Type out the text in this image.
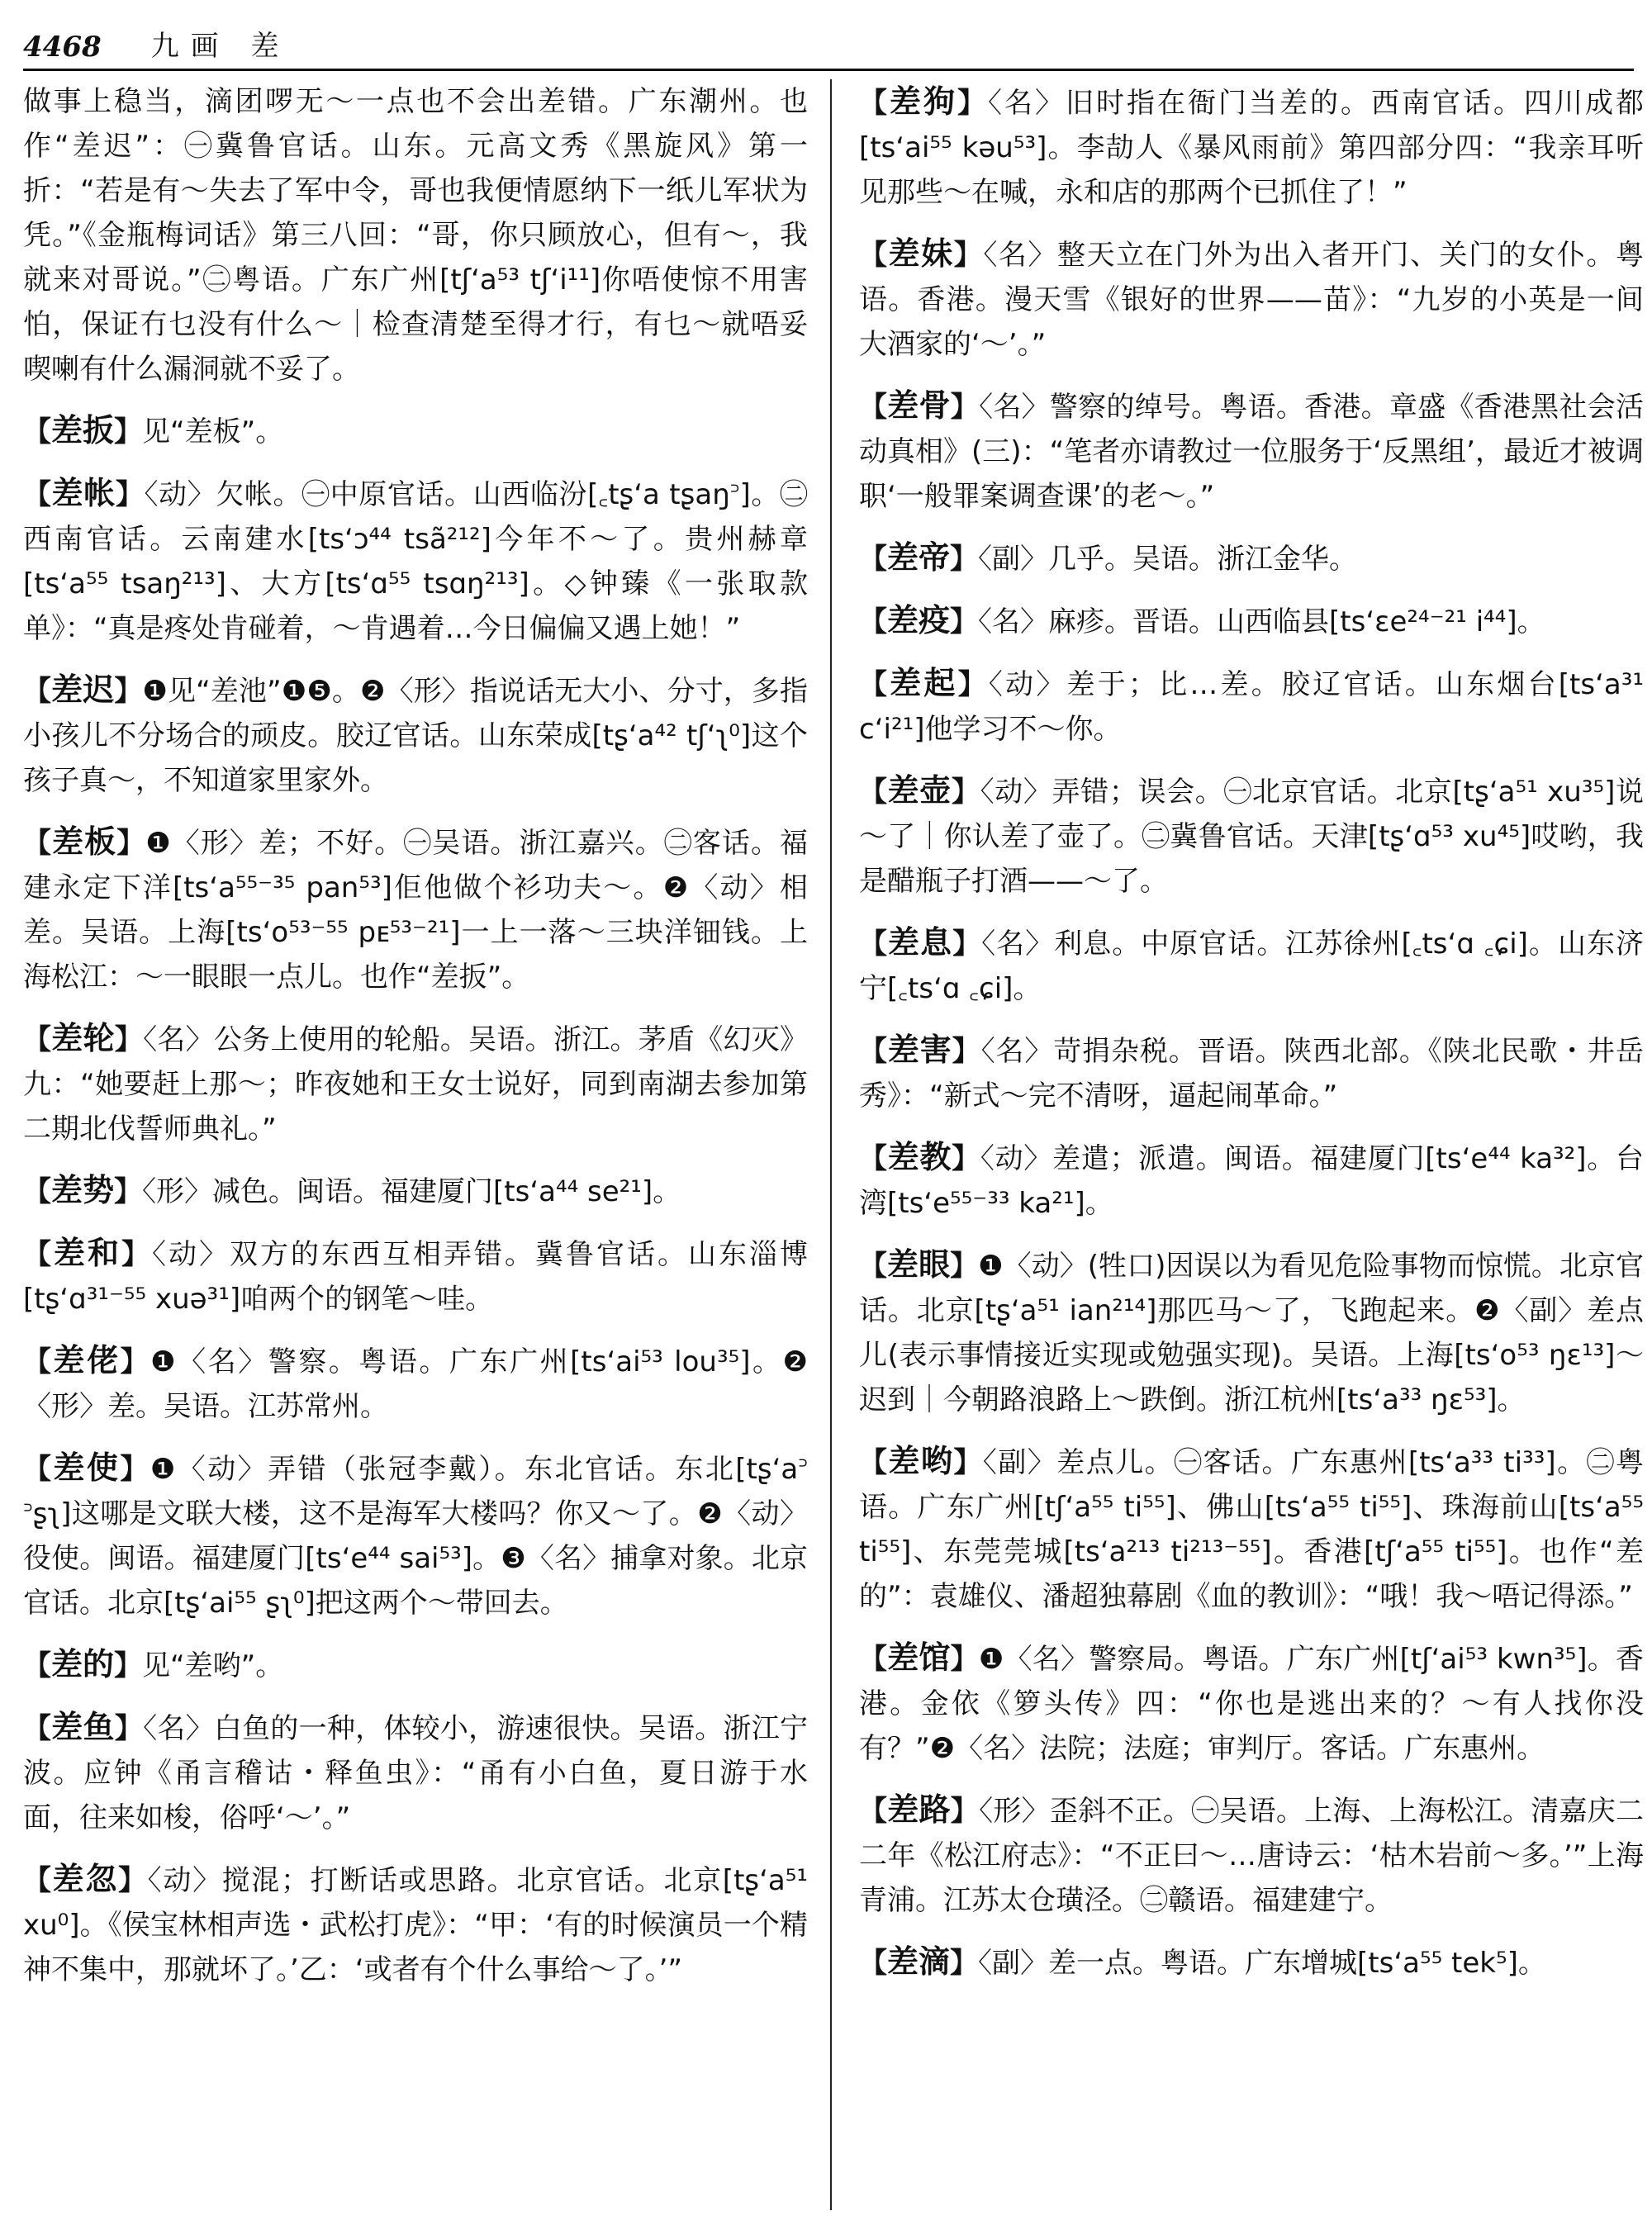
4468 九画 差

做事上稳当，滴团啰无～一点也不会出差错。广东潮州。也作“差迟”：㊀冀鲁官话。山东。元高文秀《黑旋风》第一折：“若是有～失去了军中令，哥也我便情愿纳下一纸儿军状为凭。”《金瓶梅词话》第三八回：“哥，你只顾放心，但有～，我就来对哥说。”㊁粤语。广东广州[tʃʻa⁵³ tʃʻi¹¹]你唔使惊不用害怕，保证冇乜没有什么～｜检查清楚至得才行，有乜～就唔妥喫喇有什么漏洞就不妥了。

【差扳】见“差板”。

【差帐】〈动〉欠帐。㊀中原官话。山西临汾[꜀tʂʻa tʂaŋ꜄]。㊁西南官话。云南建水[tsʻɔ⁴⁴ tsã²¹²]今年不～了。贵州赫章[tsʻa⁵⁵ tsaŋ²¹³]、大方[tsʻɑ⁵⁵ tsɑŋ²¹³]。◇钟臻《一张取款单》：“真是疼处肯碰着，～肯遇着…今日偏偏又遇上她！”

【差迟】❶见“差池”❶❺。❷〈形〉指说话无大小、分寸，多指小孩儿不分场合的顽皮。胶辽官话。山东荣成[tʂʻa⁴² tʃʻʅ⁰]这个孩子真～，不知道家里家外。

【差板】❶〈形〉差；不好。㊀吴语。浙江嘉兴。㊁客话。福建永定下洋[tsʻa⁵⁵⁻³⁵ pan⁵³]佢他做个衫功夫～。❷〈动〉相差。吴语。上海[tsʻo⁵³⁻⁵⁵ pᴇ⁵³⁻²¹]一上一落～三块洋钿钱。上海松江：～一眼眼一点儿。也作“差扳”。

【差轮】〈名〉公务上使用的轮船。吴语。浙江。茅盾《幻灭》九：“她要赶上那～；昨夜她和王女士说好，同到南湖去参加第二期北伐誓师典礼。”

【差势】〈形〉减色。闽语。福建厦门[tsʻa⁴⁴ se²¹]。

【差和】〈动〉双方的东西互相弄错。冀鲁官话。山东淄博[tʂʻɑ³¹⁻⁵⁵ xuə³¹]咱两个的钢笔～哇。

【差佬】❶〈名〉警察。粤语。广东广州[tsʻai⁵³ lou³⁵]。❷〈形〉差。吴语。江苏常州。

【差使】❶〈动〉弄错（张冠李戴）。东北官话。东北[tʂʻa꜄ ꜄ʂʅ]这哪是文联大楼，这不是海军大楼吗？你又～了。❷〈动〉役使。闽语。福建厦门[tsʻe⁴⁴ sai⁵³]。❸〈名〉捕拿对象。北京官话。北京[tʂʻai⁵⁵ ʂʅ⁰]把这两个～带回去。

【差的】见“差哟”。

【差鱼】〈名〉白鱼的一种，体较小，游速很快。吴语。浙江宁波。应钟《甬言稽诂・释鱼虫》：“甬有小白鱼，夏日游于水面，往来如梭，俗呼‘～’。”

【差忽】〈动〉搅混；打断话或思路。北京官话。北京[tʂʻa⁵¹ xu⁰]。《侯宝林相声选・武松打虎》：“甲：‘有的时候演员一个精神不集中，那就坏了。’乙：‘或者有个什么事给～了。’”

【差狗】〈名〉旧时指在衙门当差的。西南官话。四川成都[tsʻai⁵⁵ kəu⁵³]。李劼人《暴风雨前》第四部分四：“我亲耳听见那些～在喊，永和店的那两个已抓住了！”

【差妹】〈名〉整天立在门外为出入者开门、关门的女仆。粤语。香港。漫天雪《银好的世界——苗》：“九岁的小英是一间大酒家的‘～’。”

【差骨】〈名〉警察的绰号。粤语。香港。章盛《香港黑社会活动真相》(三)：“笔者亦请教过一位服务于‘反黑组’，最近才被调职‘一般罪案调查课’的老～。”

【差帝】〈副〉几乎。吴语。浙江金华。

【差疫】〈名〉麻疹。晋语。山西临县[tsʻɛe²⁴⁻²¹ i⁴⁴]。

【差起】〈动〉差于；比…差。胶辽官话。山东烟台[tsʻa³¹ cʻi²¹]他学习不～你。

【差壶】〈动〉弄错；误会。㊀北京官话。北京[tʂʻa⁵¹ xu³⁵]说～了｜你认差了壶了。㊁冀鲁官话。天津[tʂʻɑ⁵³ xu⁴⁵]哎哟，我是醋瓶子打酒——～了。

【差息】〈名〉利息。中原官话。江苏徐州[꜀tsʻɑ ꜀ɕi]。山东济宁[꜀tsʻɑ ꜀ɕi]。

【差害】〈名〉苛捐杂税。晋语。陕西北部。《陕北民歌・井岳秀》：“新式～完不清呀，逼起闹革命。”

【差教】〈动〉差遣；派遣。闽语。福建厦门[tsʻe⁴⁴ ka³²]。台湾[tsʻe⁵⁵⁻³³ ka²¹]。

【差眼】❶〈动〉(牲口)因误以为看见危险事物而惊慌。北京官话。北京[tʂʻa⁵¹ ian²¹⁴]那匹马～了，飞跑起来。❷〈副〉差点儿(表示事情接近实现或勉强实现)。吴语。上海[tsʻo⁵³ ŋɛ¹³]～迟到｜今朝路浪路上～跌倒。浙江杭州[tsʻa³³ ŋɛ⁵³]。

【差哟】〈副〉差点儿。㊀客话。广东惠州[tsʻa³³ ti³³]。㊁粤语。广东广州[tʃʻa⁵⁵ ti⁵⁵]、佛山[tsʻa⁵⁵ ti⁵⁵]、珠海前山[tsʻa⁵⁵ ti⁵⁵]、东莞莞城[tsʻa²¹³ ti²¹³⁻⁵⁵]。香港[tʃʻa⁵⁵ ti⁵⁵]。也作“差的”：袁雄仪、潘超独幕剧《血的教训》：“哦！我～唔记得添。”

【差馆】❶〈名〉警察局。粤语。广东广州[tʃʻai⁵³ kwn³⁵]。香港。金依《箩头传》四：“你也是逃出来的？～有人找你没有？”❷〈名〉法院；法庭；审判厅。客话。广东惠州。

【差路】〈形〉歪斜不正。㊀吴语。上海、上海松江。清嘉庆二二年《松江府志》：“不正曰～…唐诗云：‘枯木岩前～多。’”上海青浦。江苏太仓璜泾。㊁赣语。福建建宁。

【差滴】〈副〉差一点。粤语。广东增城[tsʻa⁵⁵ tek⁵]。
